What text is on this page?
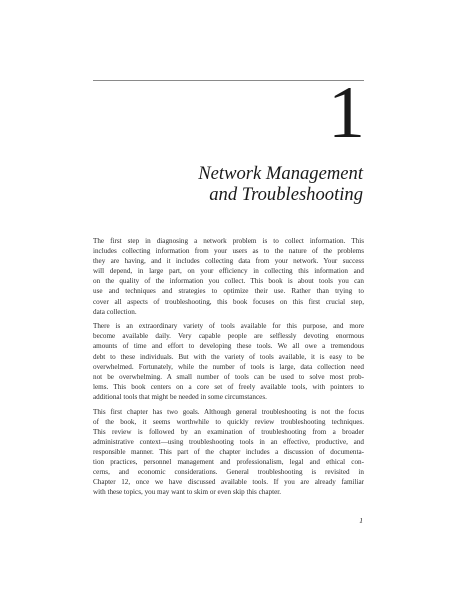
1
Network Management
and Troubleshooting

The first step in diagnosing a network problem is to collect information. This
includes collecting information from your users as to the nature of the problems
they are having, and it includes collecting data from your network. Your success
will depend, in large part, on your efficiency in collecting this information and
on the quality of the information you collect. This book is about tools you can
use and techniques and strategies to optimize their use. Rather than trying to
cover all aspects of troubleshooting, this book focuses on this first crucial step,
data collection.

There is an extraordinary variety of tools available for this purpose, and more
become available daily. Very capable people are selflessly devoting enormous
amounts of time and effort to developing these tools. We all owe a tremendous
debt to these individuals. But with the variety of tools available, it is easy to be
overwhelmed. Fortunately, while the number of tools is large, data collection need
not be overwhelming. A small number of tools can be used to solve most prob-
lems. This book centers on a core set of freely available tools, with pointers to
additional tools that might be needed in some circumstances.

This first chapter has two goals. Although general troubleshooting is not the focus
of the book, it seems worthwhile to quickly review troubleshooting techniques.
This review is followed by an examination of troubleshooting from a broader
administrative context—using troubleshooting tools in an effective, productive, and
responsible manner. This part of the chapter includes a discussion of documenta-
tion practices, personnel management and professionalism, legal and ethical con-
cerns, and economic considerations. General troubleshooting is revisited in
Chapter 12, once we have discussed available tools. If you are already familiar
with these topics, you may want to skim or even skip this chapter.

1
